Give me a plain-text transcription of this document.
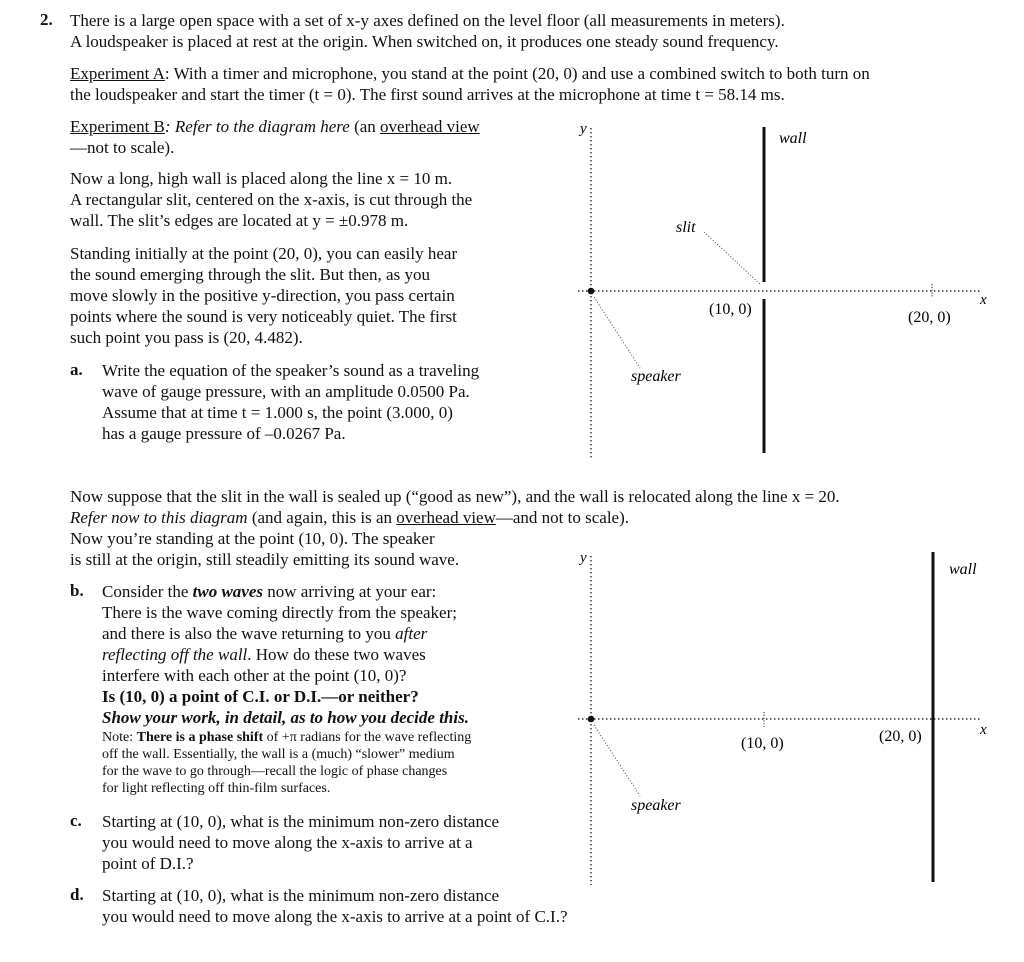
2. There is a large open space with a set of x-y axes defined on the level floor (all measurements in meters).
A loudspeaker is placed at rest at the origin. When switched on, it produces one steady sound frequency.
Experiment A: With a timer and microphone, you stand at the point (20, 0) and use a combined switch to both turn on
the loudspeaker and start the timer (t = 0). The first sound arrives at the microphone at time t = 58.14 ms.
Experiment B: Refer to the diagram here (an overhead view
—not to scale).
Now a long, high wall is placed along the line x = 10 m.
A rectangular slit, centered on the x-axis, is cut through the
wall. The slit’s edges are located at y = ±0.978 m.
Standing initially at the point (20, 0), you can easily hear
the sound emerging through the slit. But then, as you
move slowly in the positive y-direction, you pass certain
points where the sound is very noticeably quiet. The first
such point you pass is (20, 4.482).
a. Write the equation of the speaker’s sound as a traveling
wave of gauge pressure, with an amplitude 0.0500 Pa.
Assume that at time t = 1.000 s, the point (3.000, 0)
has a gauge pressure of –0.0267 Pa.
y
x
wall
slit
speaker
(10, 0)	(20, 0)
Now suppose that the slit in the wall is sealed up (“good as new”), and the wall is relocated along the line x = 20.
Refer now to this diagram (and again, this is an overhead view—and not to scale).
Now you’re standing at the point (10, 0). The speaker
is still at the origin, still steadily emitting its sound wave.
b. Consider the two waves now arriving at your ear:
There is the wave coming directly from the speaker;
and there is also the wave returning to you after
reflecting off the wall. How do these two waves
interfere with each other at the point (10, 0)?
Is (10, 0) a point of C.I. or D.I.—or neither?
Show your work, in detail, as to how you decide this.
Note: There is a phase shift of +π radians for the wave reflecting
off the wall. Essentially, the wall is a (much) “slower” medium
for the wave to go through—recall the logic of phase changes
for light reflecting off thin-film surfaces.
c. Starting at (10, 0), what is the minimum non-zero distance
you would need to move along the x-axis to arrive at a
point of D.I.?
d. Starting at (10, 0), what is the minimum non-zero distance
you would need to move along the x-axis to arrive at a point of C.I.?
y
x
wall
speaker
(10, 0)	(20, 0)
